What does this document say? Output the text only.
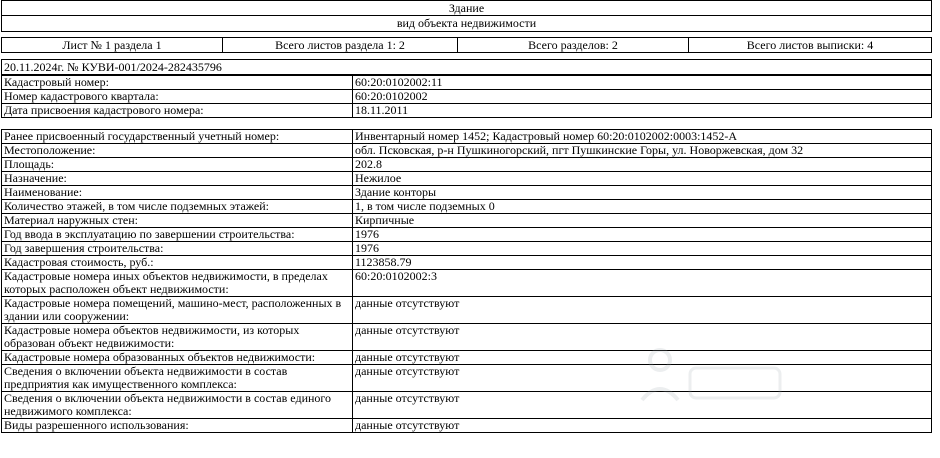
Здание
вид объекта недвижимости
Лист № 1 раздела 1	Всего листов раздела 1: 2	Всего разделов: 2	Всего листов выписки: 4
20.11.2024г. № КУВИ-001/2024-282435796
Кадастровый номер:	60:20:0102002:11
Номер кадастрового квартала:	60:20:0102002
Дата присвоения кадастрового номера:	18.11.2011
Ранее присвоенный государственный учетный номер:	Инвентарный номер 1452; Кадастровый номер 60:20:0102002:0003:1452-А
Местоположение:	обл. Псковская, р-н Пушкиногорский, пгт Пушкинские Горы, ул. Новоржевская, дом 32
Площадь:	202.8
Назначение:	Нежилое
Наименование:	Здание конторы
Количество этажей, в том числе подземных этажей:	1, в том числе подземных 0
Материал наружных стен:	Кирпичные
Год ввода в эксплуатацию по завершении строительства:	1976
Год завершения строительства:	1976
Кадастровая стоимость, руб.:	1123858.79
Кадастровые номера иных объектов недвижимости, в пределах которых расположен объект недвижимости:	60:20:0102002:3
Кадастровые номера помещений, машино-мест, расположенных в здании или сооружении:	данные отсутствуют
Кадастровые номера объектов недвижимости, из которых образован объект недвижимости:	данные отсутствуют
Кадастровые номера образованных объектов недвижимости:	данные отсутствуют
Сведения о включении объекта недвижимости в состав предприятия как имущественного комплекса:	данные отсутствуют
Сведения о включении объекта недвижимости в состав единого недвижимого комплекса:	данные отсутствуют
Виды разрешенного использования:	данные отсутствуют
